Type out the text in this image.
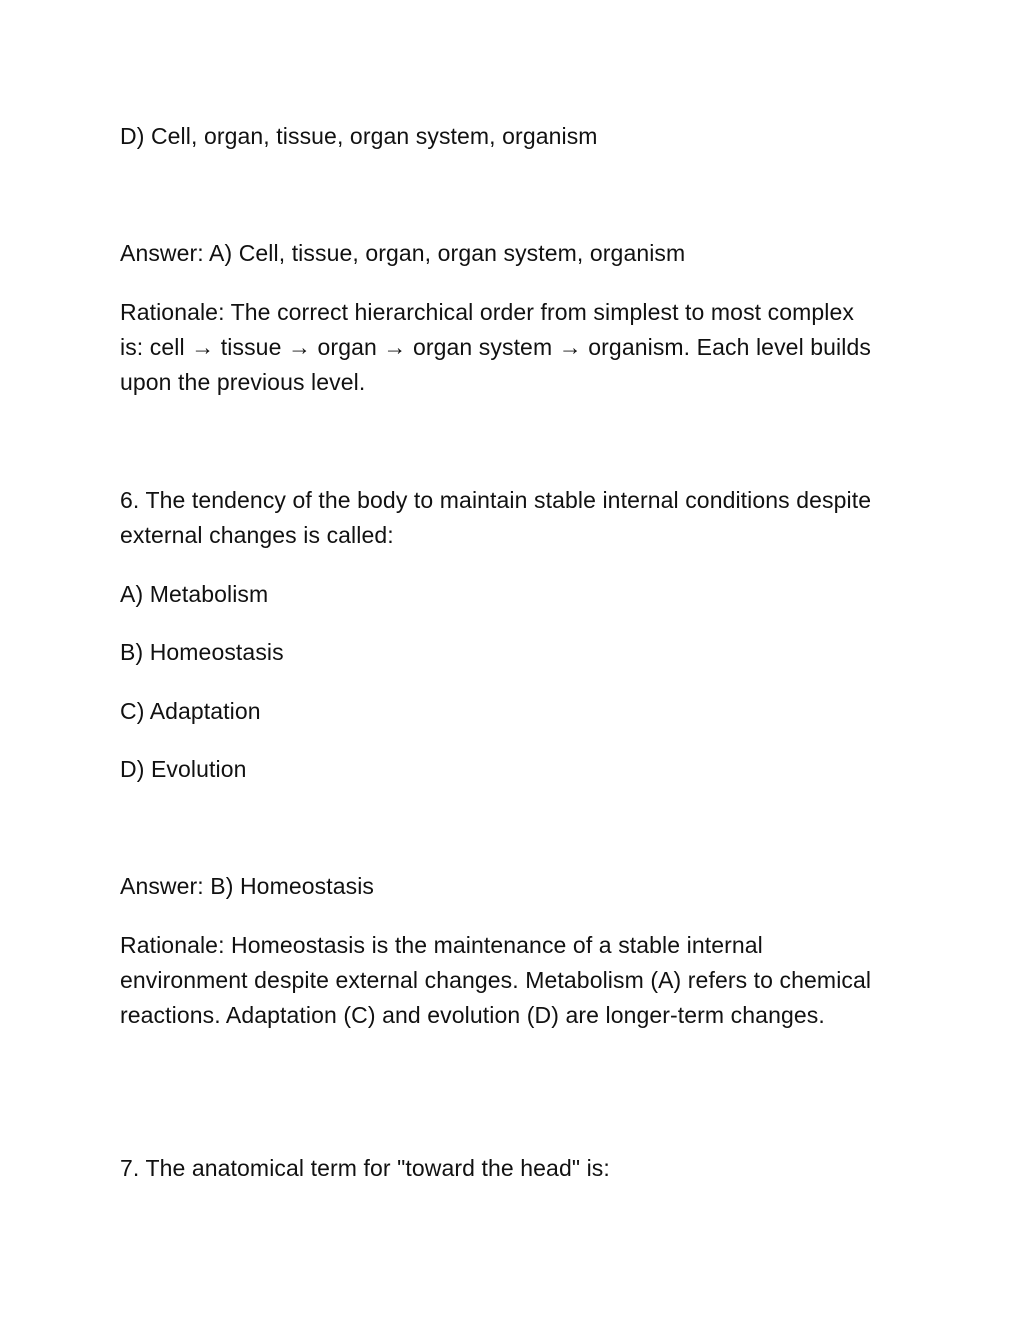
D) Cell, organ, tissue, organ system, organism
Answer: A) Cell, tissue, organ, organ system, organism
Rationale: The correct hierarchical order from simplest to most complex is: cell → tissue → organ → organ system → organism. Each level builds upon the previous level.
6. The tendency of the body to maintain stable internal conditions despite external changes is called:
A) Metabolism
B) Homeostasis
C) Adaptation
D) Evolution
Answer: B) Homeostasis
Rationale: Homeostasis is the maintenance of a stable internal environment despite external changes. Metabolism (A) refers to chemical reactions. Adaptation (C) and evolution (D) are longer-term changes.
7. The anatomical term for "toward the head" is:
